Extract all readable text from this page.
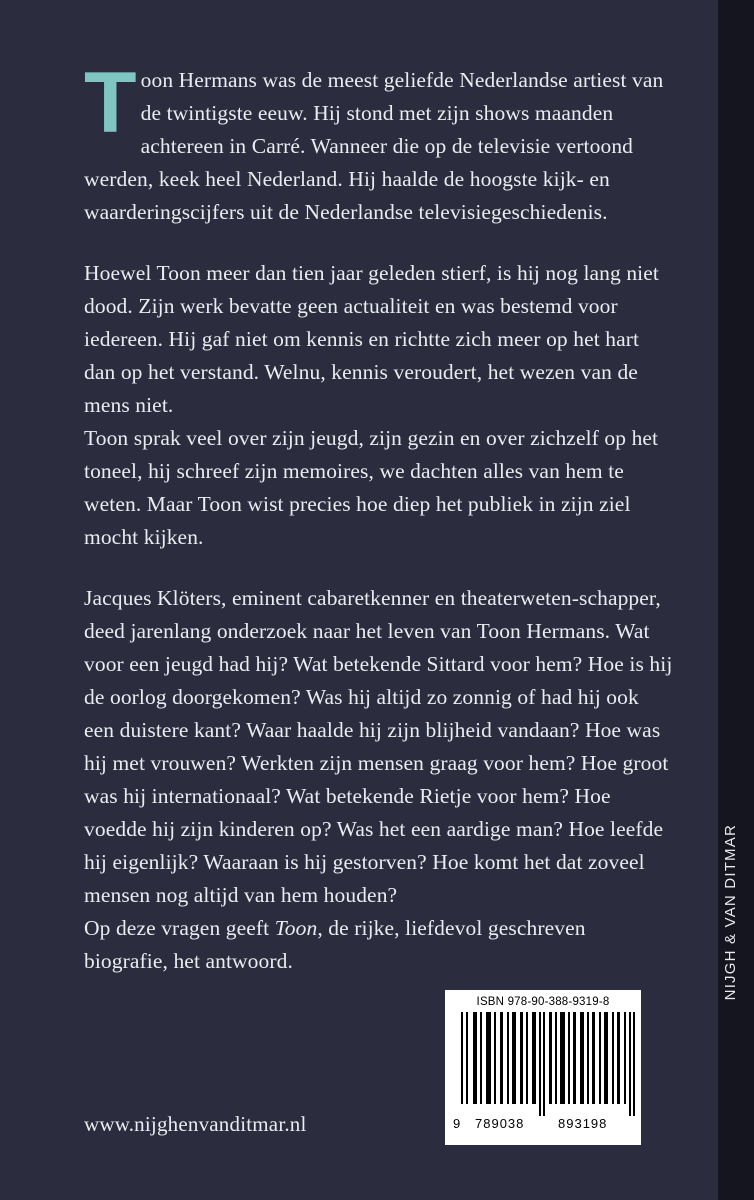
NIJGH & VAN DITMAR

Toon Hermans was de meest geliefde Nederlandse artiest van de twintigste eeuw. Hij stond met zijn shows maanden achtereen in Carré. Wanneer die op de televisie vertoond werden, keek heel Nederland. Hij haalde de hoogste kijk- en waarderingscijfers uit de Nederlandse televisiegeschiedenis.

Hoewel Toon meer dan tien jaar geleden stierf, is hij nog lang niet dood. Zijn werk bevatte geen actualiteit en was bestemd voor iedereen. Hij gaf niet om kennis en richtte zich meer op het hart dan op het verstand. Welnu, kennis veroudert, het wezen van de mens niet.

Toon sprak veel over zijn jeugd, zijn gezin en over zichzelf op het toneel, hij schreef zijn memoires, we dachten alles van hem te weten. Maar Toon wist precies hoe diep het publiek in zijn ziel mocht kijken.

Jacques Klöters, eminent cabaretkenner en theaterweten-schapper, deed jarenlang onderzoek naar het leven van Toon Hermans. Wat voor een jeugd had hij? Wat betekende Sittard voor hem? Hoe is hij de oorlog doorgekomen? Was hij altijd zo zonnig of had hij ook een duistere kant? Waar haalde hij zijn blijheid vandaan? Hoe was hij met vrouwen? Werkten zijn mensen graag voor hem? Hoe groot was hij internationaal? Wat betekende Rietje voor hem? Hoe voedde hij zijn kinderen op? Was het een aardige man? Hoe leefde hij eigenlijk? Waaraan is hij gestorven? Hoe komt het dat zoveel mensen nog altijd van hem houden?

Op deze vragen geeft Toon, de rijke, liefdevol geschreven biografie, het antwoord.

ISBN 978-90-388-9319-8
9 789038	893198
www.nijghenvanditmar.nl
